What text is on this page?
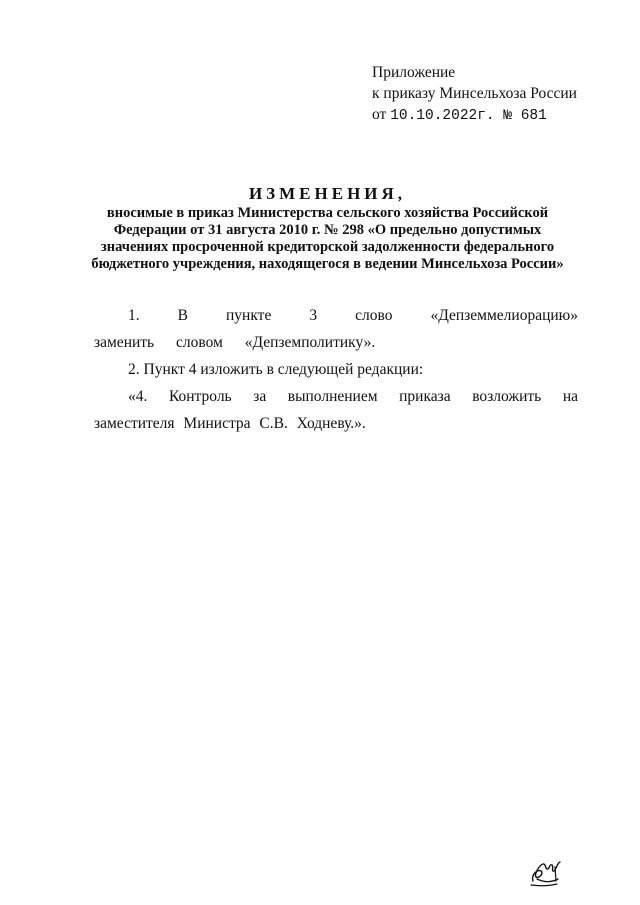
Приложение
к приказу Минсельхоза России
от 10.10.2022г. № 681
ИЗМЕНЕНИЯ,
вносимые в приказ Министерства сельского хозяйства Российской Федерации от 31 августа 2010 г. № 298 «О предельно допустимых значениях просроченной кредиторской задолженности федерального бюджетного учреждения, находящегося в ведении Минсельхоза России»

1. В пункте 3 слово «Депземмелиорацию» заменить словом «Депземполитику».

2. Пункт 4 изложить в следующей редакции:

«4. Контроль за выполнением приказа возложить на заместителя Министра С.В. Ходневу.».
